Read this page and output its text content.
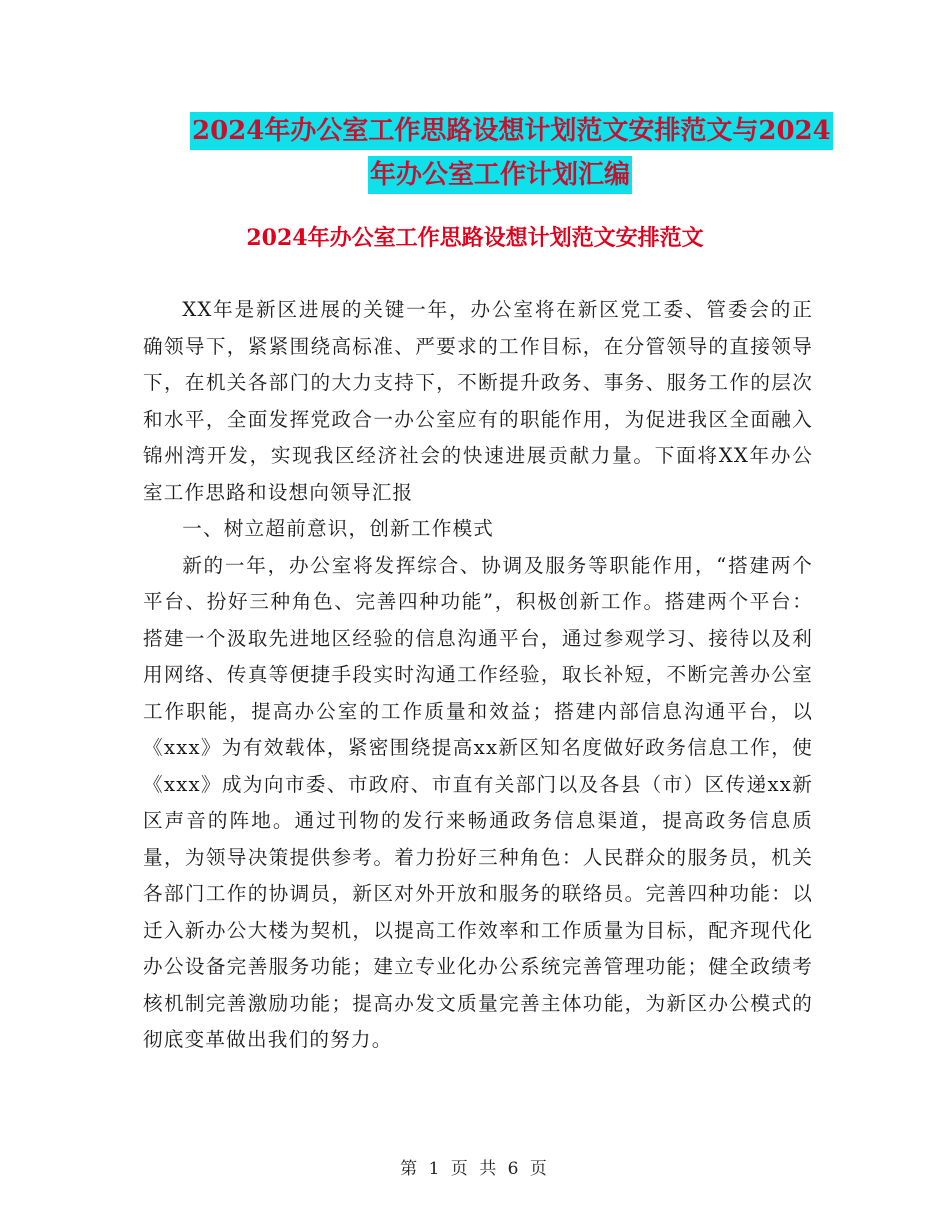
2024年办公室工作思路设想计划范文安排范文与2024
年办公室工作计划汇编
2024年办公室工作思路设想计划范文安排范文

XX年是新区进展的关键一年，办公室将在新区党工委、管委会的正确领导下，紧紧围绕高标准、严要求的工作目标，在分管领导的直接领导下，在机关各部门的大力支持下，不断提升政务、事务、服务工作的层次和水平，全面发挥党政合一办公室应有的职能作用，为促进我区全面融入锦州湾开发，实现我区经济社会的快速进展贡献力量。下面将XX年办公室工作思路和设想向领导汇报

一、树立超前意识，创新工作模式

新的一年，办公室将发挥综合、协调及服务等职能作用，“搭建两个平台、扮好三种角色、完善四种功能”，积极创新工作。搭建两个平台：搭建一个汲取先进地区经验的信息沟通平台，通过参观学习、接待以及利用网络、传真等便捷手段实时沟通工作经验，取长补短，不断完善办公室工作职能，提高办公室的工作质量和效益；搭建内部信息沟通平台，以《xxx》为有效载体，紧密围绕提高xx新区知名度做好政务信息工作，使《xxx》成为向市委、市政府、市直有关部门以及各县（市）区传递xx新区声音的阵地。通过刊物的发行来畅通政务信息渠道，提高政务信息质量，为领导决策提供参考。着力扮好三种角色：人民群众的服务员，机关各部门工作的协调员，新区对外开放和服务的联络员。完善四种功能：以迁入新办公大楼为契机，以提高工作效率和工作质量为目标，配齐现代化办公设备完善服务功能；建立专业化办公系统完善管理功能；健全政绩考核机制完善激励功能；提高办发文质量完善主体功能，为新区办公模式的彻底变革做出我们的努力。

第 1 页 共 6 页
